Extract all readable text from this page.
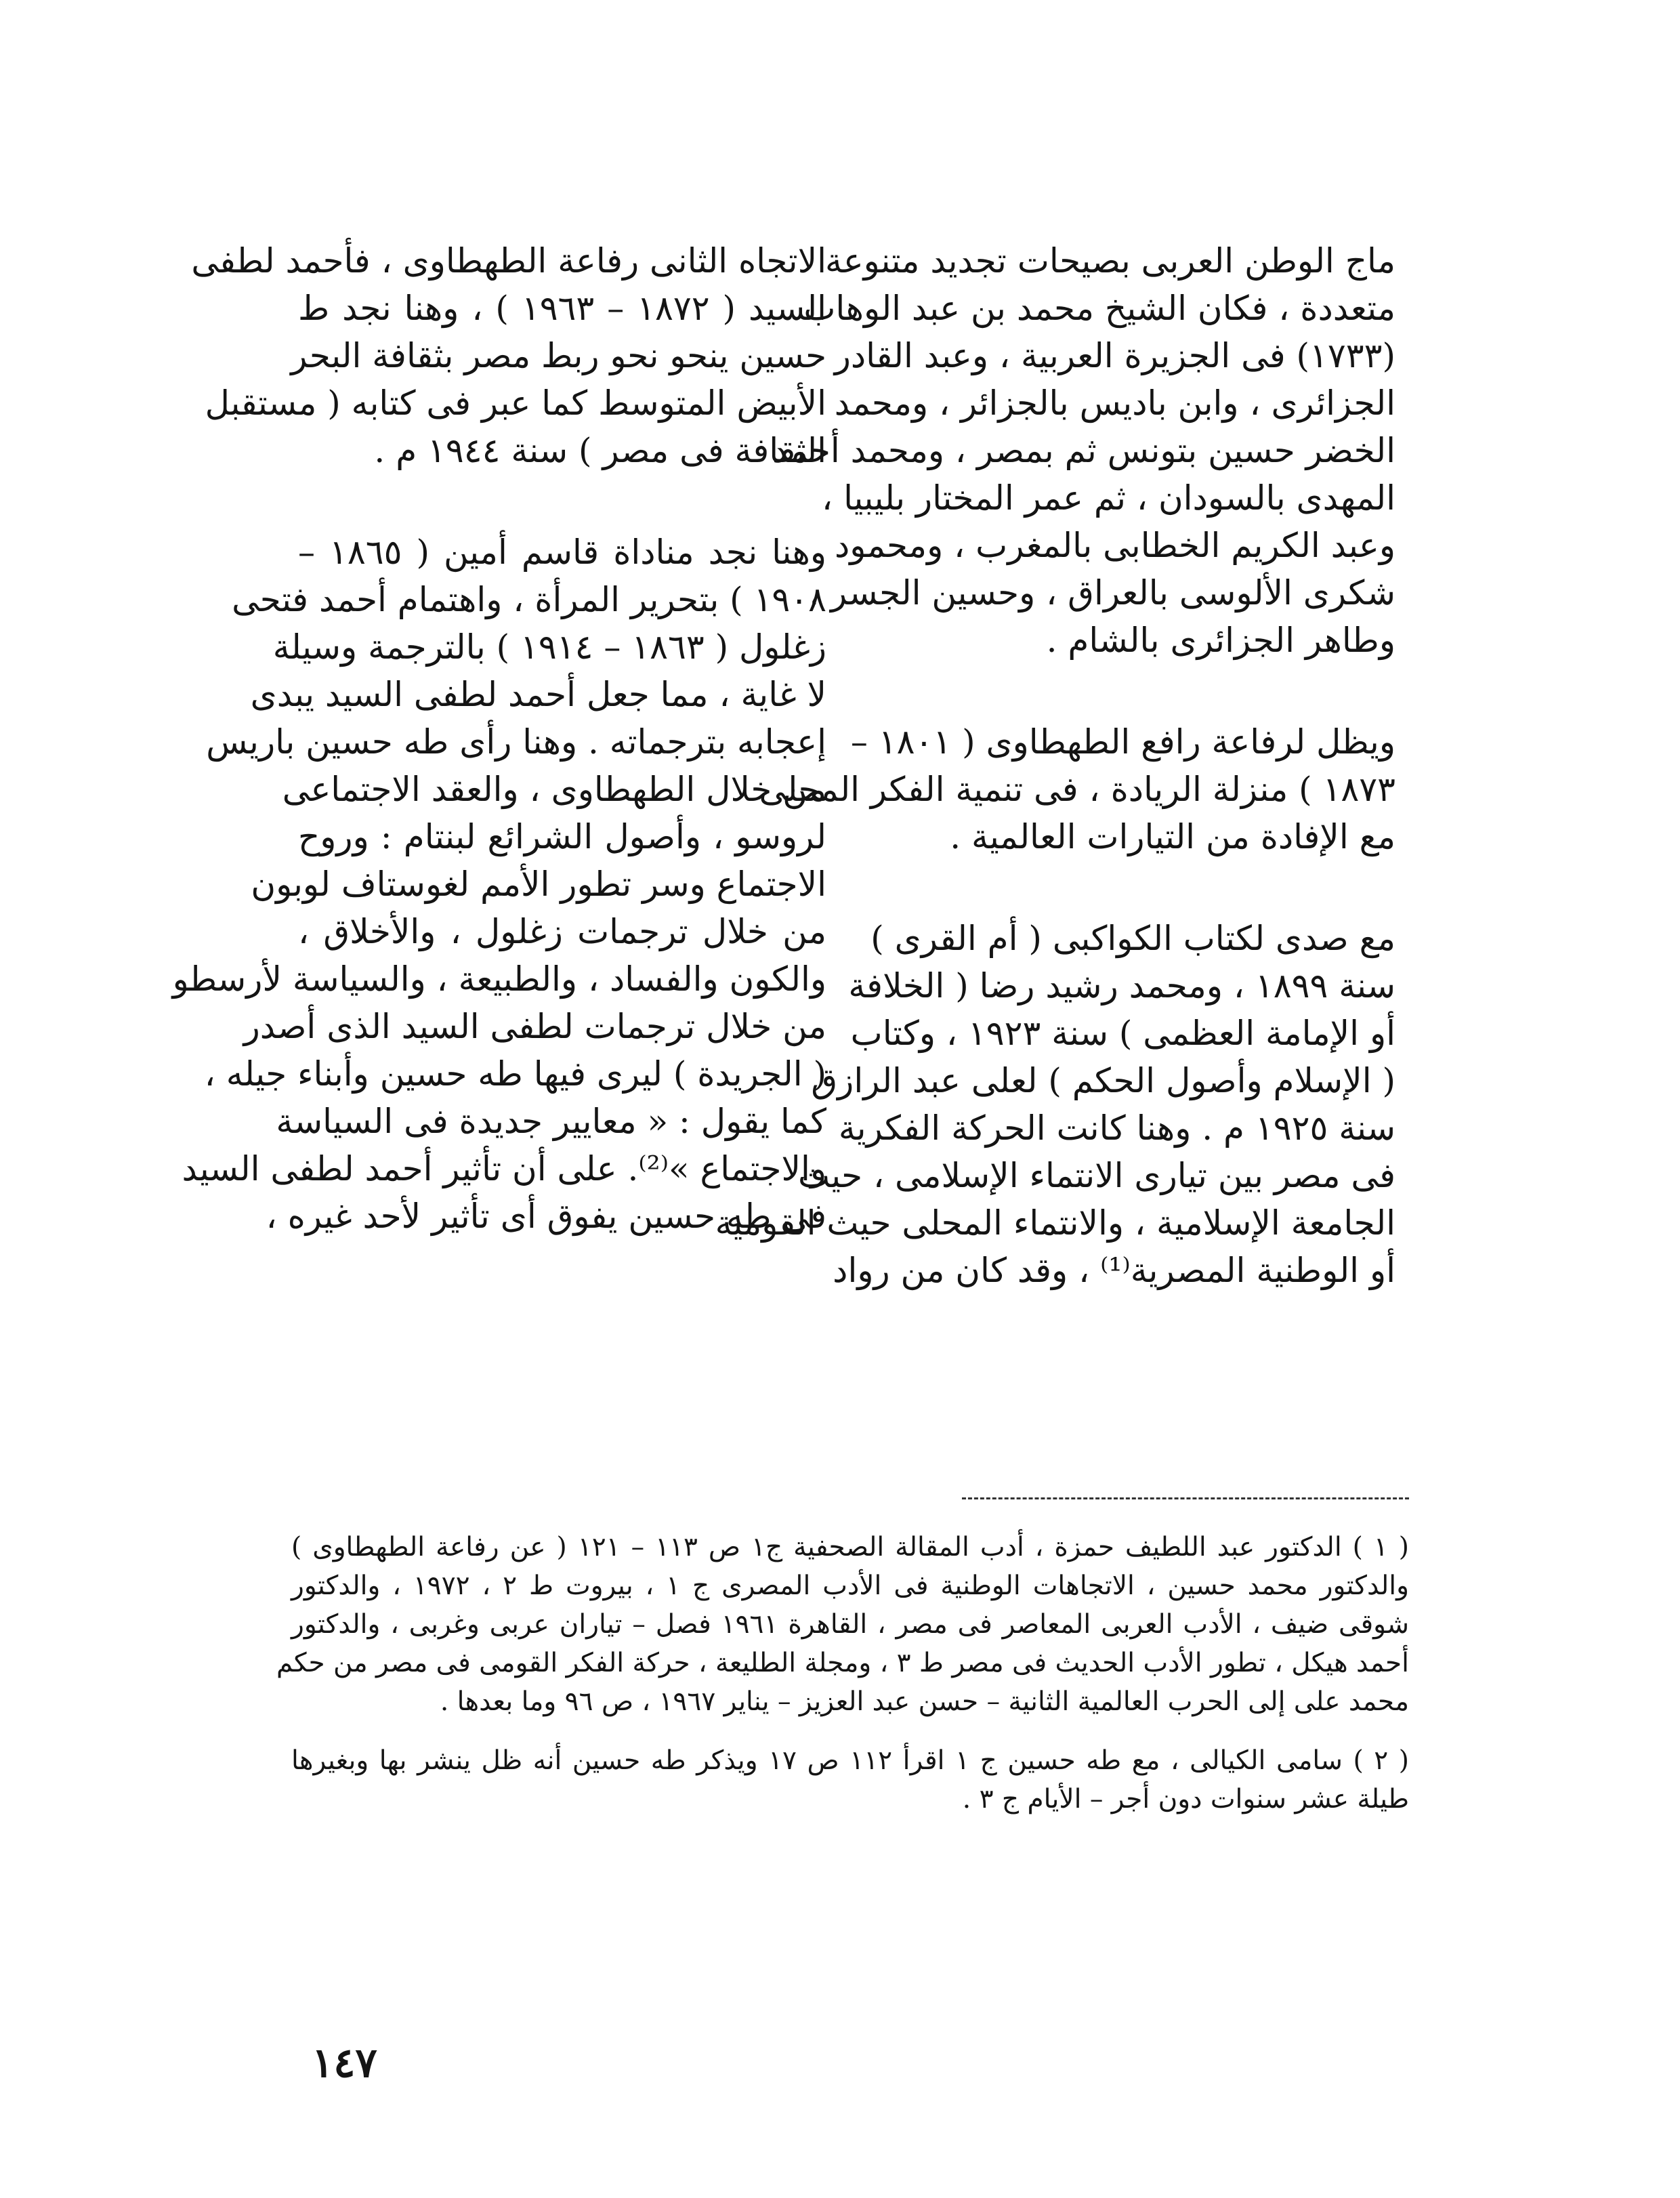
ماج الوطن العربى بصيحات تجديد متنوعة
متعددة ، فكان الشيخ محمد بن عبد الوهاب
(١٧٣٣) فى الجزيرة العربية ، وعبد القادر
الجزائرى ، وابن باديس بالجزائر ، ومحمد
الخضر حسين بتونس ثم بمصر ، ومحمد أحمد
المهدى بالسودان ، ثم عمر المختار بليبيا ،
وعبد الكريم الخطابى بالمغرب ، ومحمود
شكرى الألوسى بالعراق ، وحسين الجسر ،
وطاهر الجزائرى بالشام .

ويظل لرفاعة رافع الطهطاوى ( ١٨٠١ –
١٨٧٣ ) منزلة الريادة ، فى تنمية الفكر المحلى
مع الإفادة من التيارات العالمية .

مع صدى لكتاب الكواكبى ( أم القرى )
سنة ١٨٩٩ ، ومحمد رشيد رضا ( الخلافة
أو الإمامة العظمى ) سنة ١٩٢٣ ، وكتاب
( الإسلام وأصول الحكم ) لعلى عبد الرازق
سنة ١٩٢٥ م . وهنا كانت الحركة الفكرية
فى مصر بين تيارى الانتماء الإسلامى ، حيث
الجامعة الإسلامية ، والانتماء المحلى حيث القومية
أو الوطنية المصرية⁽¹⁾ ، وقد كان من رواد

الاتجاه الثانى رفاعة الطهطاوى ، فأحمد لطفى
السيد ( ١٨٧٢ – ١٩٦٣ ) ، وهنا نجد ط
حسين ينحو نحو ربط مصر بثقافة البحر
الأبيض المتوسط كما عبر فى كتابه ( مستقبل
الثقافة فى مصر ) سنة ١٩٤٤ م .

وهنا نجد مناداة قاسم أمين ( ١٨٦٥ –
١٩٠٨ ) بتحرير المرأة ، واهتمام أحمد فتحى
زغلول ( ١٨٦٣ – ١٩١٤ ) بالترجمة وسيلة
لا غاية ، مما جعل أحمد لطفى السيد يبدى
إعجابه بترجماته . وهنا رأى طه حسين باريس
من خلال الطهطاوى ، والعقد الاجتماعى
لروسو ، وأصول الشرائع لبنتام : وروح
الاجتماع وسر تطور الأمم لغوستاف لوبون
من خلال ترجمات زغلول ، والأخلاق ،
والكون والفساد ، والطبيعة ، والسياسة لأرسطو
من خلال ترجمات لطفى السيد الذى أصدر
( الجريدة ) ليرى فيها طه حسين وأبناء جيله ،
كما يقول : « معايير جديدة فى السياسة
والاجتماع »⁽²⁾. على أن تأثير أحمد لطفى السيد
فى طه حسين يفوق أى تأثير لأحد غيره ،

( ١ ) الدكتور عبد اللطيف حمزة ، أدب المقالة الصحفية ج١ ص ١١٣ – ١٢١ ( عن رفاعة الطهطاوى )
والدكتور محمد حسين ، الاتجاهات الوطنية فى الأدب المصرى ج ١ ، بيروت ط ٢ ، ١٩٧٢ ، والدكتور
شوقى ضيف ، الأدب العربى المعاصر فى مصر ، القاهرة ١٩٦١ فصل – تياران عربى وغربى ، والدكتور
أحمد هيكل ، تطور الأدب الحديث فى مصر ط ٣ ، ومجلة الطليعة ، حركة الفكر القومى فى مصر من حكم
محمد على إلى الحرب العالمية الثانية – حسن عبد العزيز – يناير ١٩٦٧ ، ص ٩٦ وما بعدها .

( ٢ ) سامى الكيالى ، مع طه حسين ج ١ اقرأ ١١٢ ص ١٧ ويذكر طه حسين أنه ظل ينشر بها وبغيرها
طيلة عشر سنوات دون أجر – الأيام ج ٣ .

١٤٧
